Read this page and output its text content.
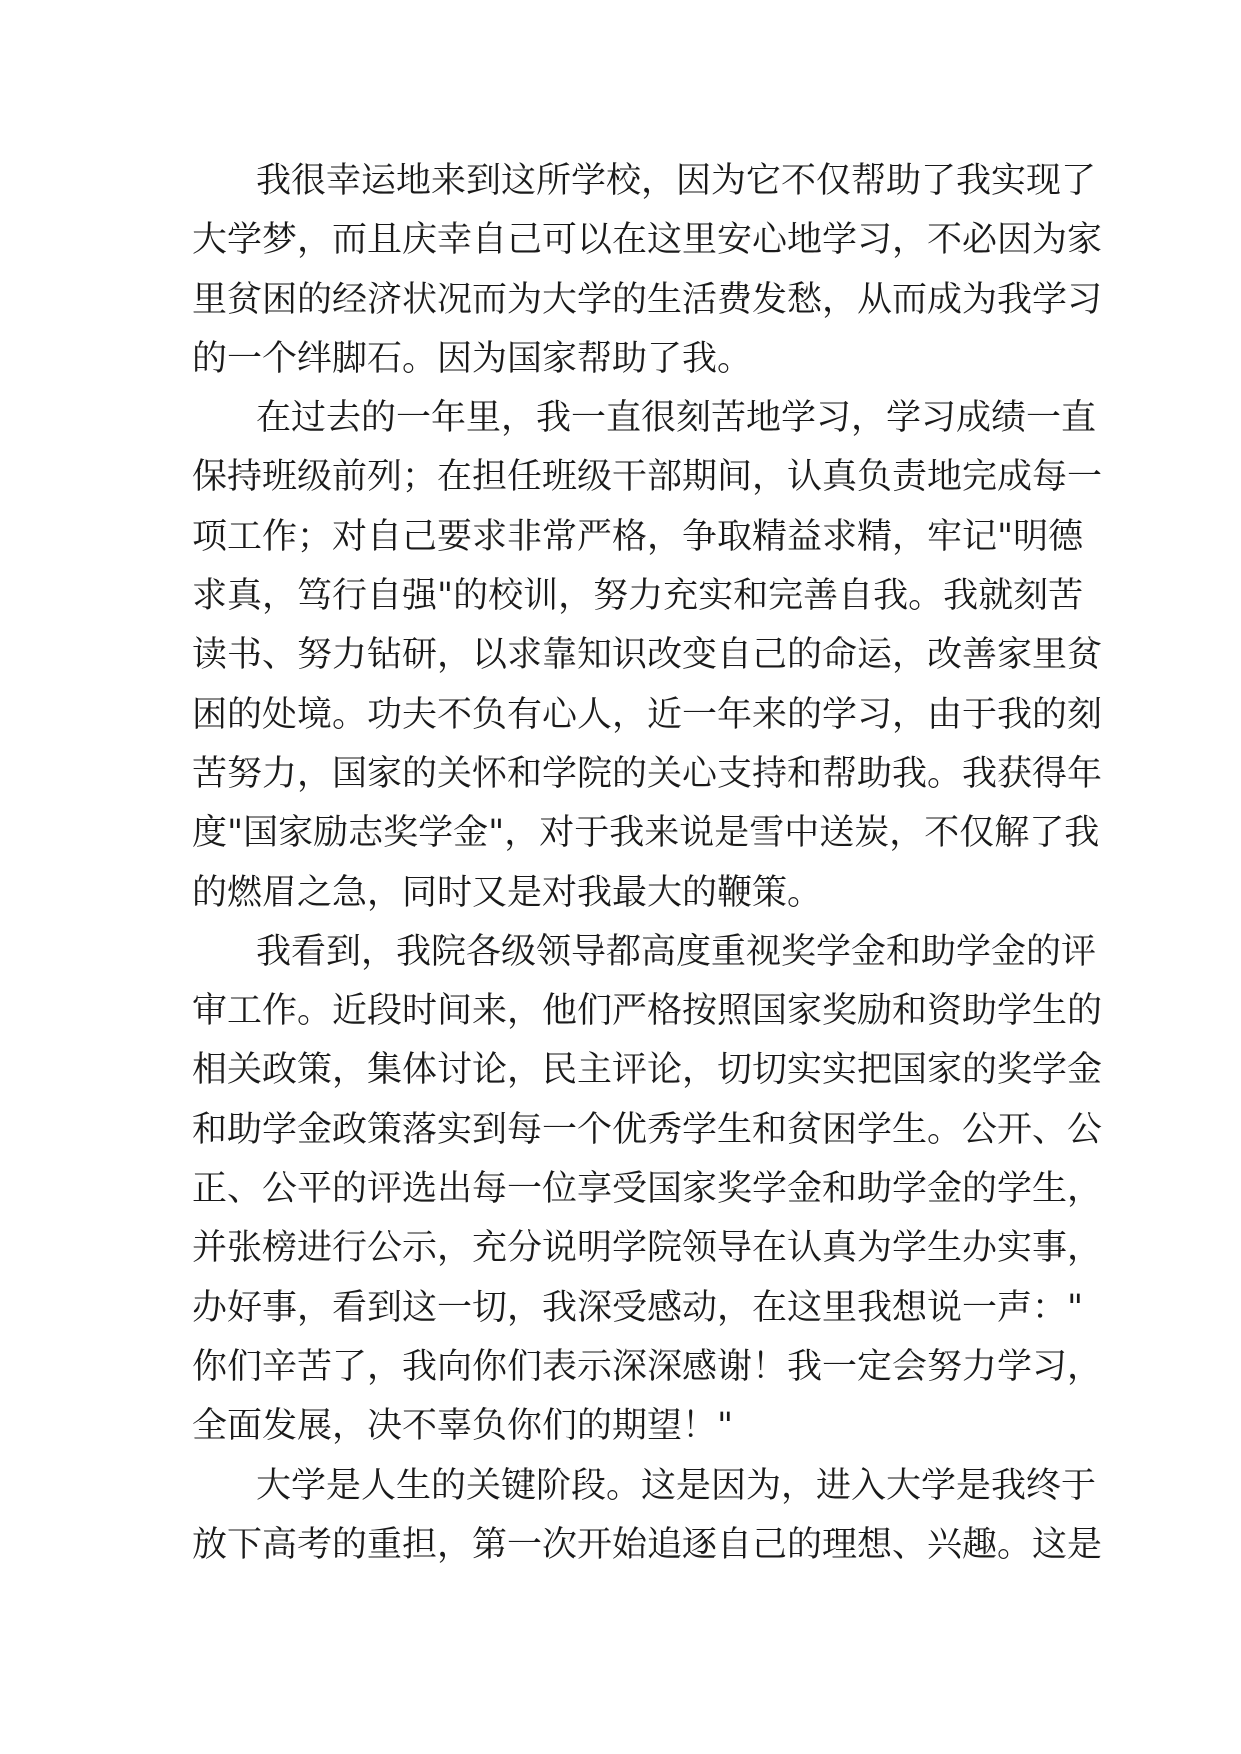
我很幸运地来到这所学校，因为它不仅帮助了我实现了
大学梦，而且庆幸自己可以在这里安心地学习，不必因为家
里贫困的经济状况而为大学的生活费发愁，从而成为我学习
的一个绊脚石。因为国家帮助了我。
在过去的一年里，我一直很刻苦地学习，学习成绩一直
保持班级前列；在担任班级干部期间，认真负责地完成每一
项工作；对自己要求非常严格，争取精益求精，牢记"明德
求真，笃行自强"的校训，努力充实和完善自我。我就刻苦
读书、努力钻研，以求靠知识改变自己的命运，改善家里贫
困的处境。功夫不负有心人，近一年来的学习，由于我的刻
苦努力，国家的关怀和学院的关心支持和帮助我。我获得年
度"国家励志奖学金"，对于我来说是雪中送炭，不仅解了我
的燃眉之急，同时又是对我最大的鞭策。
我看到，我院各级领导都高度重视奖学金和助学金的评
审工作。近段时间来，他们严格按照国家奖励和资助学生的
相关政策，集体讨论，民主评论，切切实实把国家的奖学金
和助学金政策落实到每一个优秀学生和贫困学生。公开、公
正、公平的评选出每一位享受国家奖学金和助学金的学生，
并张榜进行公示，充分说明学院领导在认真为学生办实事，
办好事，看到这一切，我深受感动，在这里我想说一声："
你们辛苦了，我向你们表示深深感谢！我一定会努力学习，
全面发展，决不辜负你们的期望！"
大学是人生的关键阶段。这是因为，进入大学是我终于
放下高考的重担，第一次开始追逐自己的理想、兴趣。这是
